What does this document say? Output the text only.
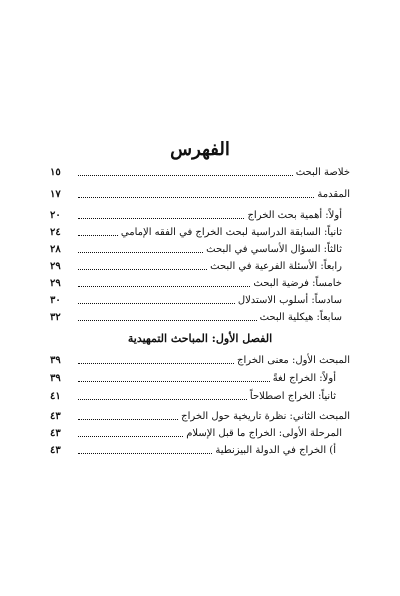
الفهرس
خلاصة البحث
١٥
المقدمة
١٧
أولاً: أهمية بحث الخراج
٢٠
ثانياً: السابقة الدراسية لبحث الخراج في الفقه الإمامي
٢٤
ثالثاً: السؤال الأساسي في البحث
٢٨
رابعاً: الأسئلة الفرعية في البحث
٢٩
خامساً: فرضية البحث
٢٩
سادساً: أسلوب الاستدلال
٣٠
سابعاً: هيكلية البحث
٣٢
الفصل الأول: المباحث التمهيدية
المبحث الأول: معنى الخراج
٣٩
أولاً: الخراج لغةً
٣٩
ثانياً: الخراج اصطلاحاً
٤١
المبحث الثاني: نظرة تاريخية حول الخراج
٤٣
المرحلة الأولى: الخراج ما قبل الإسلام
٤٣
أ) الخراج في الدولة البيزنطية
٤٣
